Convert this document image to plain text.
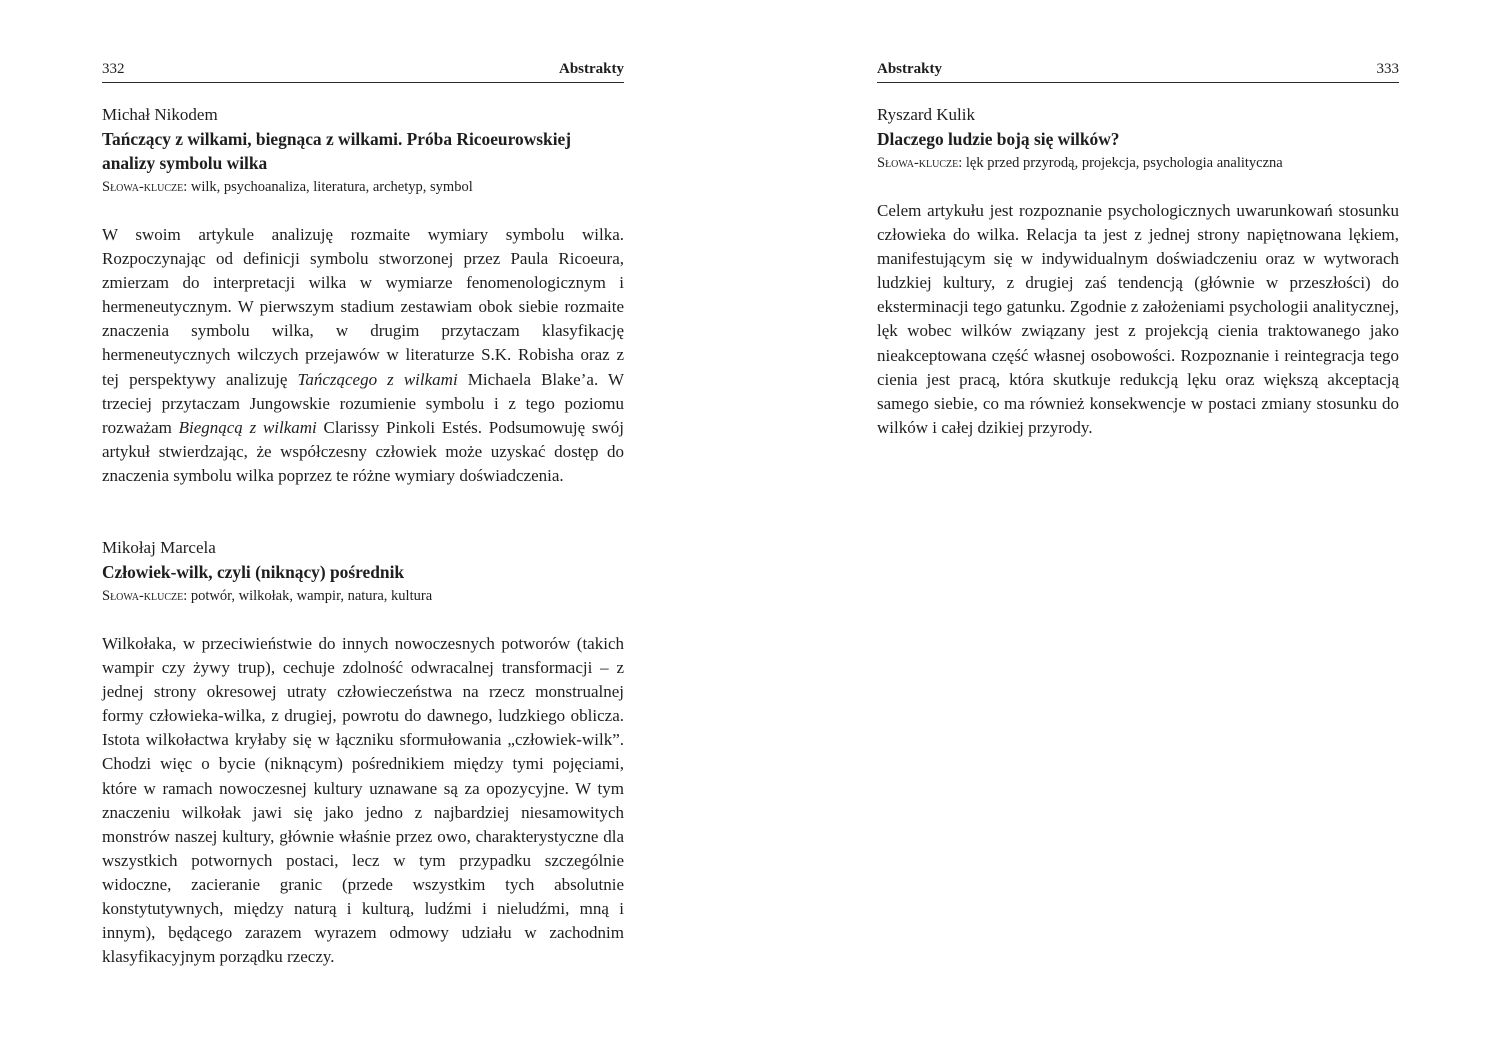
332	Abstrakty

Michał Nikodem

Tańczący z wilkami, biegnąca z wilkami. Próba Ricoeurowskiej analizy symbolu wilka

Słowa-klucze: wilk, psychoanaliza, literatura, archetyp, symbol

W swoim artykule analizuję rozmaite wymiary symbolu wilka. Rozpoczynając od definicji symbolu stworzonej przez Paula Ricoeura, zmierzam do interpretacji wilka w wymiarze fenomenologicznym i hermeneutycznym. W pierwszym stadium zestawiam obok siebie rozmaite znaczenia symbolu wilka, w drugim przytaczam klasyfikację hermeneutycznych wilczych przejawów w literaturze S.K. Robisha oraz z tej perspektywy analizuję Tańczącego z wilkami Michaela Blake’a. W trzeciej przytaczam Jungowskie rozumienie symbolu i z tego poziomu rozważam Biegnącą z wilkami Clarissy Pinkoli Estés. Podsumowuję swój artykuł stwierdzając, że współczesny człowiek może uzyskać dostęp do znaczenia symbolu wilka poprzez te różne wymiary doświadczenia.

Mikołaj Marcela

Człowiek-wilk, czyli (niknący) pośrednik

Słowa-klucze: potwór, wilkołak, wampir, natura, kultura

Wilkołaka, w przeciwieństwie do innych nowoczesnych potworów (takich wampir czy żywy trup), cechuje zdolność odwracalnej transformacji – z jednej strony okresowej utraty człowieczeństwa na rzecz monstrualnej formy człowieka-wilka, z drugiej, powrotu do dawnego, ludzkiego oblicza. Istota wilkołactwa kryłaby się w łączniku sformułowania „człowiek-wilk”. Chodzi więc o bycie (niknącym) pośrednikiem między tymi pojęciami, które w ramach nowoczesnej kultury uznawane są za opozycyjne. W tym znaczeniu wilkołak jawi się jako jedno z najbardziej niesamowitych monstrów naszej kultury, głównie właśnie przez owo, charakterystyczne dla wszystkich potwornych postaci, lecz w tym przypadku szczególnie widoczne, zacieranie granic (przede wszystkim tych absolutnie konstytutywnych, między naturą i kulturą, ludźmi i nieludźmi, mną i innym), będącego zarazem wyrazem odmowy udziału w zachodnim klasyfikacyjnym porządku rzeczy.

Abstrakty	333

Ryszard Kulik

Dlaczego ludzie boją się wilków?

Słowa-klucze: lęk przed przyrodą, projekcja, psychologia analityczna

Celem artykułu jest rozpoznanie psychologicznych uwarunkowań stosunku człowieka do wilka. Relacja ta jest z jednej strony napiętnowana lękiem, manifestującym się w indywidualnym doświadczeniu oraz w wytworach ludzkiej kultury, z drugiej zaś tendencją (głównie w przeszłości) do eksterminacji tego gatunku. Zgodnie z założeniami psychologii analitycznej, lęk wobec wilków związany jest z projekcją cienia traktowanego jako nieakceptowana część własnej osobowości. Rozpoznanie i reintegracja tego cienia jest pracą, która skutkuje redukcją lęku oraz większą akceptacją samego siebie, co ma również konsekwencje w postaci zmiany stosunku do wilków i całej dzikiej przyrody.
